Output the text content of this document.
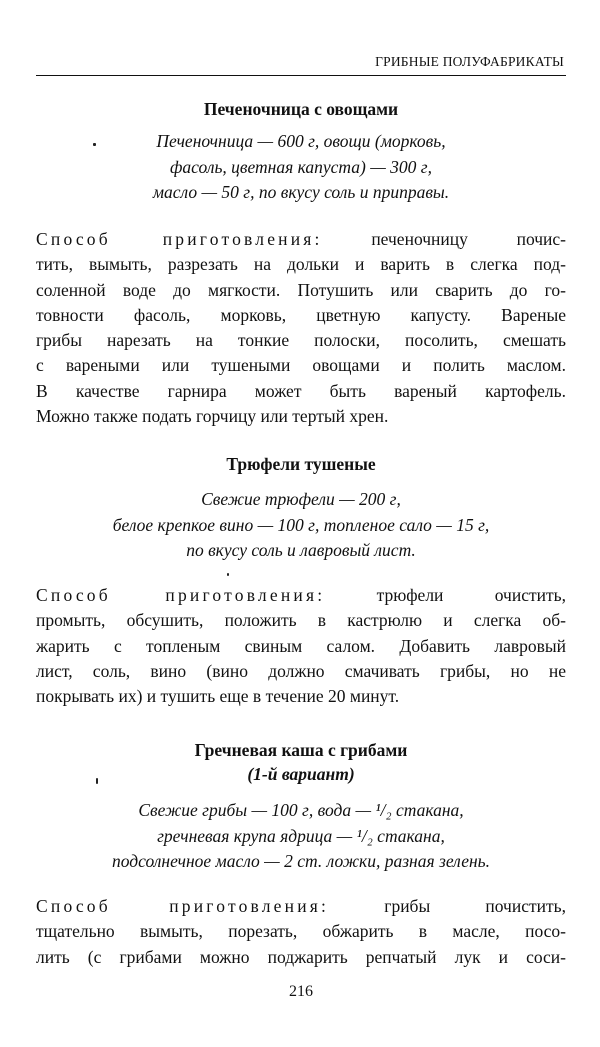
ГРИБНЫЕ ПОЛУФАБРИКАТЫ
Печеночница с овощами
Печеночница — 600 г, овощи (морковь,
фасоль, цветная капуста) — 300 г,
масло — 50 г, по вкусу соль и приправы.
Способ приготовления:	печеночницу почис-
тить, вымыть, разрезать на дольки и варить в слегка под-
соленной воде до мягкости. Потушить или сварить до го-
товности фасоль, морковь, цветную капусту. Вареные
грибы нарезать на тонкие полоски, посолить, смешать
с вареными или тушеными овощами и полить маслом.
В качестве гарнира может быть вареный картофель.
Можно также подать горчицу или тертый хрен.
Трюфели тушеные
Свежие трюфели — 200 г,
белое крепкое вино — 100 г, топленое сало — 15 г,
по вкусу соль и лавровый лист.
Способ приготовления:	трюфели очистить,
промыть, обсушить, положить в кастрюлю и слегка об-
жарить с топленым свиным салом. Добавить лавровый
лист, соль, вино (вино должно смачивать грибы, но не
покрывать их) и тушить еще в течение 20 минут.
Гречневая каша с грибами
(1-й вариант)
Свежие грибы — 100 г, вода — ¹/₂ стакана,
гречневая крупа ядрица — ¹/₂ стакана,
подсолнечное масло — 2 ст. ложки, разная зелень.
Способ приготовления:	грибы почистить,
тщательно вымыть, порезать, обжарить в масле, посо-
лить (с грибами можно поджарить репчатый лук и соси-
216
